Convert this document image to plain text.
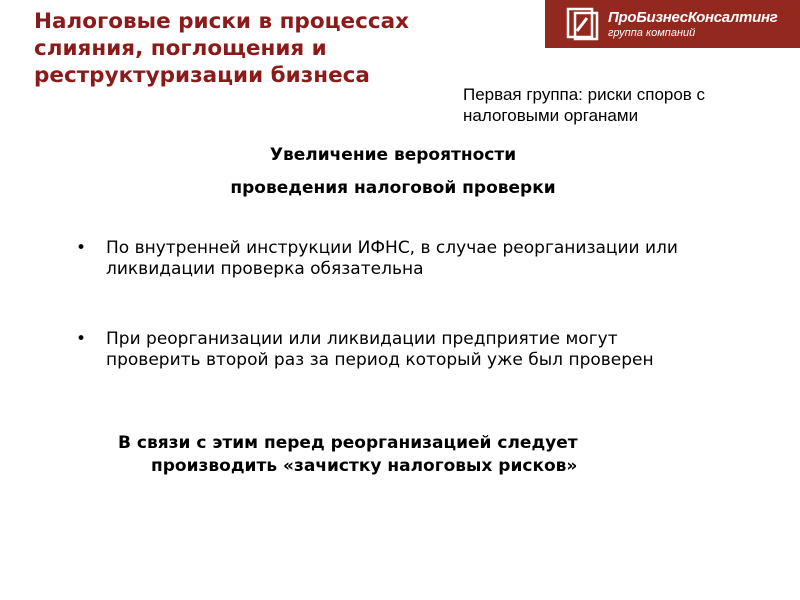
Налоговые риски в процессах слияния, поглощения и реструктуризации бизнеса
ПроБизнесКонсалтинг
группа компаний
Первая группа: риски споров с налоговыми органами
Увеличение вероятности
проведения налоговой проверки
• По внутренней инструкции ИФНС, в случае реорганизации или ликвидации проверка обязательна
• При реорганизации или ликвидации предприятие могут проверить второй раз за период который уже был проверен
В связи с этим перед реорганизацией следует
производить «зачистку налоговых рисков»
